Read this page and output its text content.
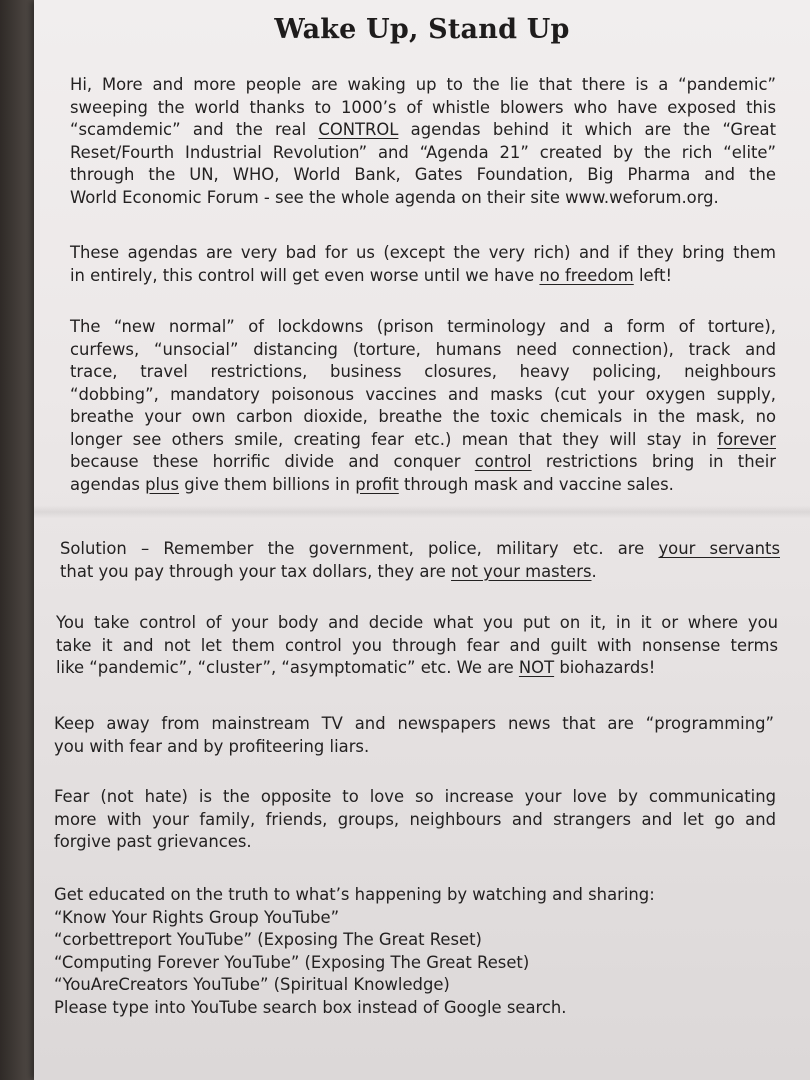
Wake Up, Stand Up
Hi, More and more people are waking up to the lie that there is a “pandemic”
sweeping the world thanks to 1000’s of whistle blowers who have exposed this
“scamdemic” and the real CONTROL agendas behind it which are the “Great
Reset/Fourth Industrial Revolution” and “Agenda 21” created by the rich “elite”
through the UN, WHO, World Bank, Gates Foundation, Big Pharma and the
World Economic Forum - see the whole agenda on their site www.weforum.org.
These agendas are very bad for us (except the very rich) and if they bring them
in entirely, this control will get even worse until we have no freedom left!
The “new normal” of lockdowns (prison terminology and a form of torture),
curfews, “unsocial” distancing (torture, humans need connection), track and
trace, travel restrictions, business closures, heavy policing, neighbours
“dobbing”, mandatory poisonous vaccines and masks (cut your oxygen supply,
breathe your own carbon dioxide, breathe the toxic chemicals in the mask, no
longer see others smile, creating fear etc.) mean that they will stay in forever
because these horrific divide and conquer control restrictions bring in their
agendas plus give them billions in profit through mask and vaccine sales.
Solution – Remember the government, police, military etc. are your servants
that you pay through your tax dollars, they are not your masters.
You take control of your body and decide what you put on it, in it or where you
take it and not let them control you through fear and guilt with nonsense terms
like “pandemic”, “cluster”, “asymptomatic” etc. We are NOT biohazards!
Keep away from mainstream TV and newspapers news that are “programming”
you with fear and by profiteering liars.
Fear (not hate) is the opposite to love so increase your love by communicating
more with your family, friends, groups, neighbours and strangers and let go and
forgive past grievances.
Get educated on the truth to what’s happening by watching and sharing:
“Know Your Rights Group YouTube”
“corbettreport YouTube” (Exposing The Great Reset)
“Computing Forever YouTube” (Exposing The Great Reset)
“YouAreCreators YouTube” (Spiritual Knowledge)
Please type into YouTube search box instead of Google search.
